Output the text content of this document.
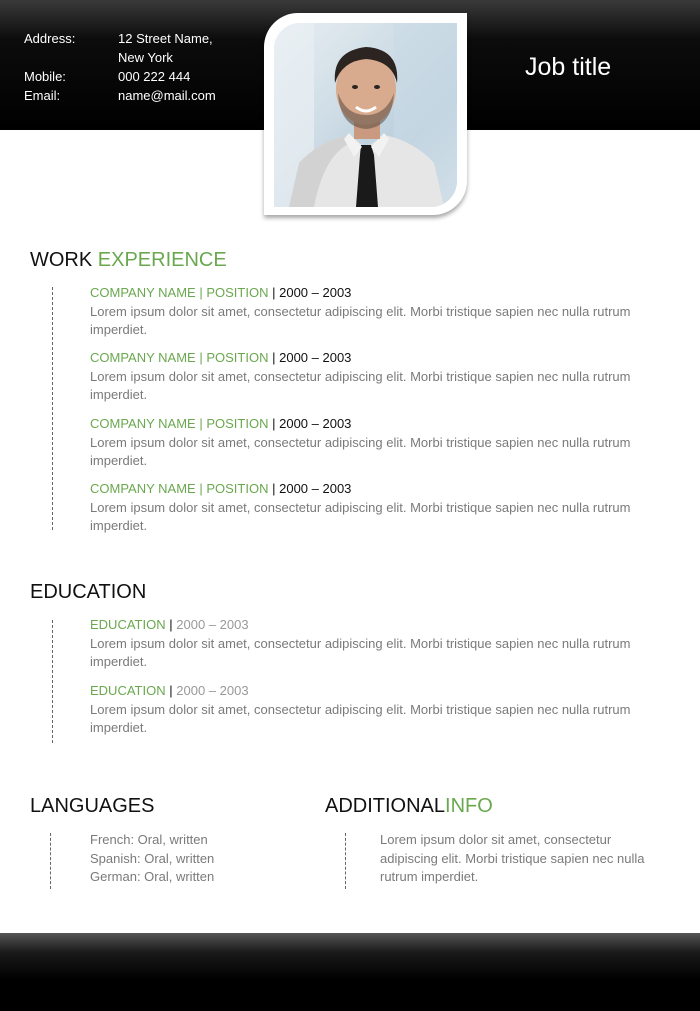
Address:	12 Street Name,
New York
Mobile:	000 222 444
Email:	name@mail.com
Job title
WORK EXPERIENCE
COMPANY NAME | POSITION | 2000 – 2003
Lorem ipsum dolor sit amet, consectetur adipiscing elit. Morbi tristique sapien nec nulla rutrum imperdiet.
COMPANY NAME | POSITION | 2000 – 2003
Lorem ipsum dolor sit amet, consectetur adipiscing elit. Morbi tristique sapien nec nulla rutrum imperdiet.
COMPANY NAME | POSITION | 2000 – 2003
Lorem ipsum dolor sit amet, consectetur adipiscing elit. Morbi tristique sapien nec nulla rutrum imperdiet.
COMPANY NAME | POSITION | 2000 – 2003
Lorem ipsum dolor sit amet, consectetur adipiscing elit. Morbi tristique sapien nec nulla rutrum imperdiet.
EDUCATION
EDUCATION | 2000 – 2003
Lorem ipsum dolor sit amet, consectetur adipiscing elit. Morbi tristique sapien nec nulla rutrum imperdiet.
EDUCATION | 2000 – 2003
Lorem ipsum dolor sit amet, consectetur adipiscing elit. Morbi tristique sapien nec nulla rutrum imperdiet.
LANGUAGES
French: Oral, written
Spanish: Oral, written
German: Oral, written
ADDITIONALINFO
Lorem ipsum dolor sit amet, consectetur adipiscing elit. Morbi tristique sapien nec nulla rutrum imperdiet.
